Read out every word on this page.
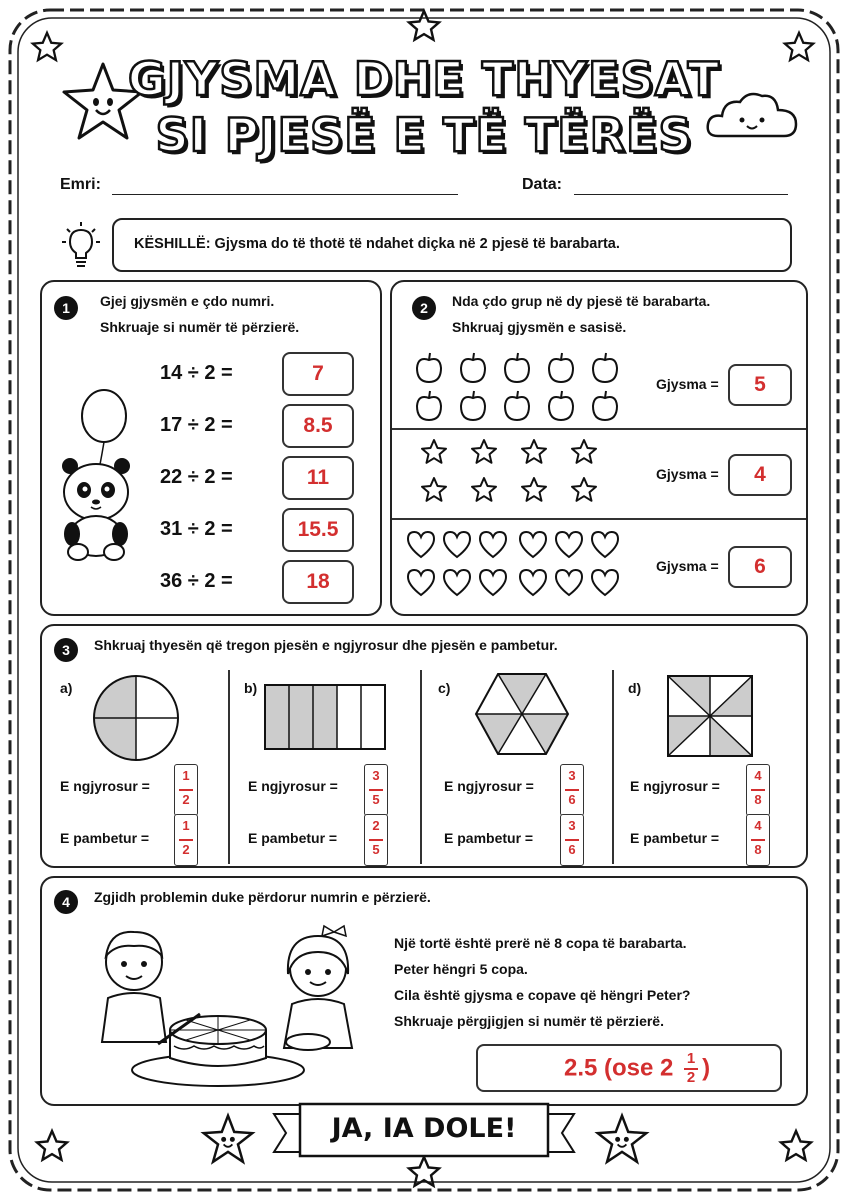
GJYSMA DHE THYESAT
SI PJESË E TË TËRËS
Emri:	Data:
KËSHILLË: Gjysma do të thotë të ndahet diçka në 2 pjesë të barabarta.
1	Gjej gjysmën e çdo numri.
Shkruaje si numër të përzierë.
14 ÷ 2 =	7
17 ÷ 2 =	8.5
22 ÷ 2 =	11
31 ÷ 2 =	15.5
36 ÷ 2 =	18
2	Nda çdo grup në dy pjesë të barabarta.
Shkruaj gjysmën e sasisë.
Gjysma =	5
Gjysma =	4
Gjysma =	6
3	Shkruaj thyesën që tregon pjesën e ngjyrosur dhe pjesën e pambetur.
a)
E ngjyrosur =
1
2
E pambetur =
1
2
b)
E ngjyrosur =
3
5
E pambetur =
2
5
c)
E ngjyrosur =
3
6
E pambetur =
3
6
d)
E ngjyrosur =
4
8
E pambetur =
4
8
4	Zgjidh problemin duke përdorur numrin e përzierë.
Një tortë është prerë në 8 copa të barabarta.
Peter hëngri 5 copa.
Cila është gjysma e copave që hëngri Peter?
Shkruaje përgjigjen si numër të përzierë.
2.5 (ose $2 \frac{1}{2}$ )
JA, IA DOLE!
